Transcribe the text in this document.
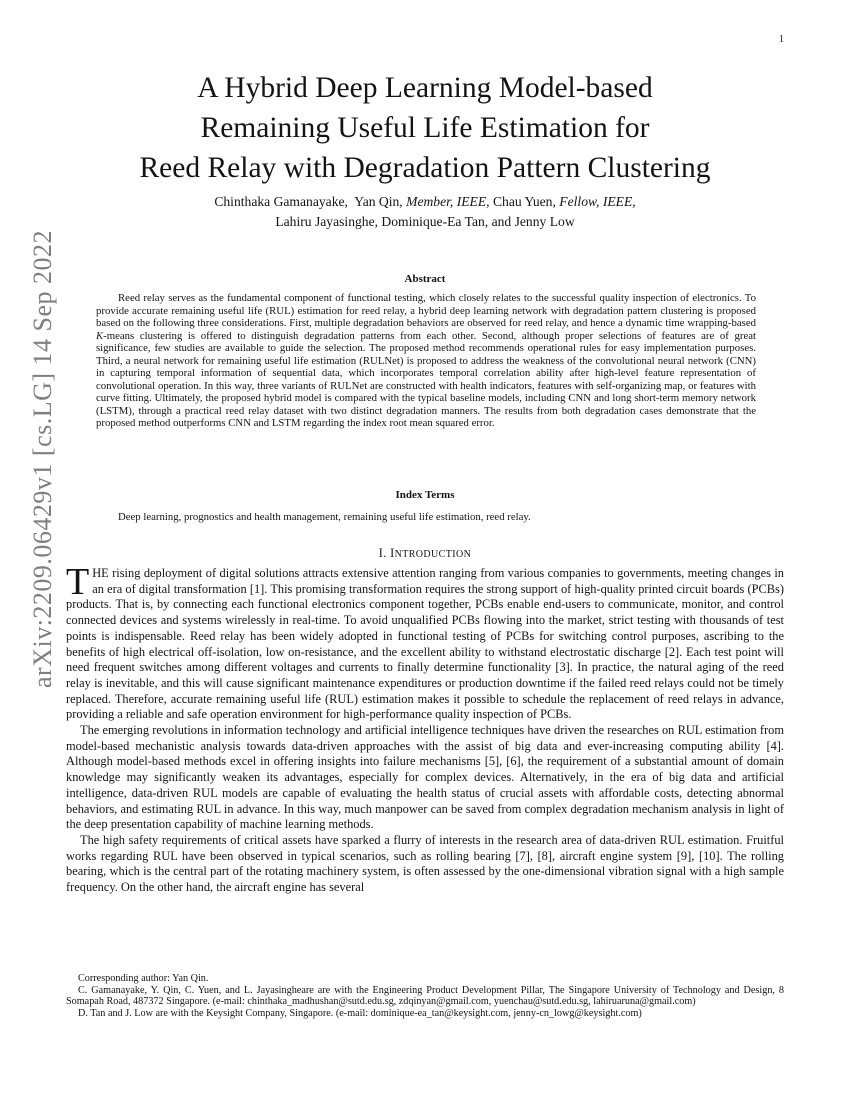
1
arXiv:2209.06429v1 [cs.LG] 14 Sep 2022
A Hybrid Deep Learning Model-based
Remaining Useful Life Estimation for
Reed Relay with Degradation Pattern Clustering
Chinthaka Gamanayake, Yan Qin, Member, IEEE, Chau Yuen, Fellow, IEEE,
Lahiru Jayasinghe, Dominique-Ea Tan, and Jenny Low
Abstract
Reed relay serves as the fundamental component of functional testing, which closely relates to the successful quality inspection of electronics. To provide accurate remaining useful life (RUL) estimation for reed relay, a hybrid deep learning network with degradation pattern clustering is proposed based on the following three considerations. First, multiple degradation behaviors are observed for reed relay, and hence a dynamic time wrapping-based K-means clustering is offered to distinguish degradation patterns from each other. Second, although proper selections of features are of great significance, few studies are available to guide the selection. The proposed method recommends operational rules for easy implementation purposes. Third, a neural network for remaining useful life estimation (RULNet) is proposed to address the weakness of the convolutional neural network (CNN) in capturing temporal information of sequential data, which incorporates temporal correlation ability after high-level feature representation of convolutional operation. In this way, three variants of RULNet are constructed with health indicators, features with self-organizing map, or features with curve fitting. Ultimately, the proposed hybrid model is compared with the typical baseline models, including CNN and long short-term memory network (LSTM), through a practical reed relay dataset with two distinct degradation manners. The results from both degradation cases demonstrate that the proposed method outperforms CNN and LSTM regarding the index root mean squared error.
Index Terms
Deep learning, prognostics and health management, remaining useful life estimation, reed relay.
I. INTRODUCTION

THE rising deployment of digital solutions attracts extensive attention ranging from various companies to governments, meeting changes in an era of digital transformation [1]. This promising transformation requires the strong support of high-quality printed circuit boards (PCBs) products. That is, by connecting each functional electronics component together, PCBs enable end-users to communicate, monitor, and control connected devices and systems wirelessly in real-time. To avoid unqualified PCBs flowing into the market, strict testing with thousands of test points is indispensable. Reed relay has been widely adopted in functional testing of PCBs for switching control purposes, ascribing to the benefits of high electrical off-isolation, low on-resistance, and the excellent ability to withstand electrostatic discharge [2]. Each test point will need frequent switches among different voltages and currents to finally determine functionality [3]. In practice, the natural aging of the reed relay is inevitable, and this will cause significant maintenance expenditures or production downtime if the failed reed relays could not be timely replaced. Therefore, accurate remaining useful life (RUL) estimation makes it possible to schedule the replacement of reed relays in advance, providing a reliable and safe operation environment for high-performance quality inspection of PCBs.

The emerging revolutions in information technology and artificial intelligence techniques have driven the researches on RUL estimation from model-based mechanistic analysis towards data-driven approaches with the assist of big data and ever-increasing computing ability [4]. Although model-based methods excel in offering insights into failure mechanisms [5], [6], the requirement of a substantial amount of domain knowledge may significantly weaken its advantages, especially for complex devices. Alternatively, in the era of big data and artificial intelligence, data-driven RUL models are capable of evaluating the health status of crucial assets with affordable costs, detecting abnormal behaviors, and estimating RUL in advance. In this way, much manpower can be saved from complex degradation mechanism analysis in light of the deep presentation capability of machine learning methods.

The high safety requirements of critical assets have sparked a flurry of interests in the research area of data-driven RUL estimation. Fruitful works regarding RUL have been observed in typical scenarios, such as rolling bearing [7], [8], aircraft engine system [9], [10]. The rolling bearing, which is the central part of the rotating machinery system, is often assessed by the one-dimensional vibration signal with a high sample frequency. On the other hand, the aircraft engine has several

Corresponding author: Yan Qin.

C. Gamanayake, Y. Qin, C. Yuen, and L. Jayasingheare are with the Engineering Product Development Pillar, The Singapore University of Technology and Design, 8 Somapah Road, 487372 Singapore. (e-mail: chinthaka_madhushan@sutd.edu.sg, zdqinyan@gmail.com, yuenchau@sutd.edu.sg, lahiruaruna@gmail.com)

D. Tan and J. Low are with the Keysight Company, Singapore. (e-mail: dominique-ea_tan@keysight.com, jenny-cn_lowg@keysight.com)
